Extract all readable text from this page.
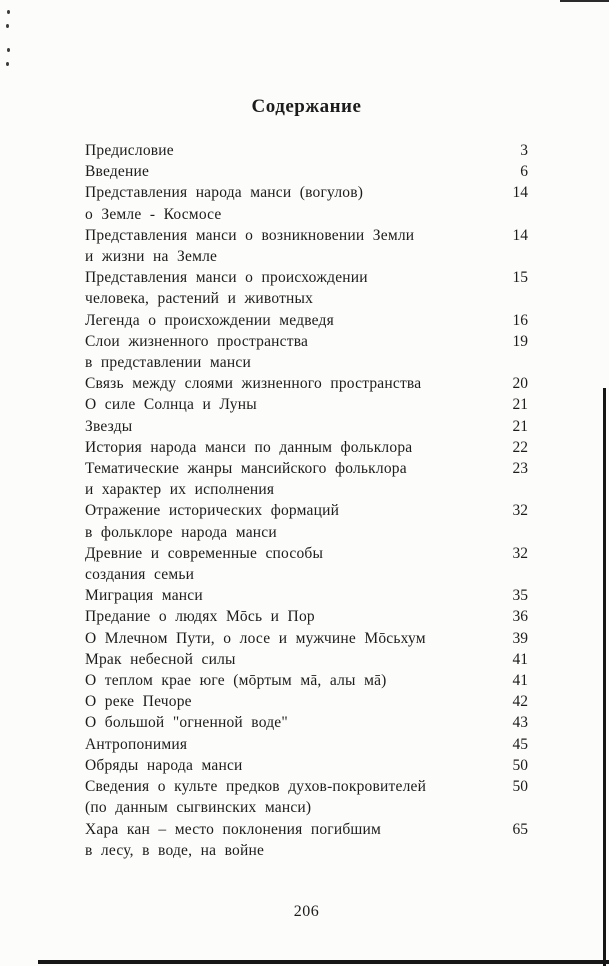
Содержание
Предисловие	3
Введение	6
Представления народа манси (вогулов)	14
о Земле - Космосе
Представления манси о возникновении Земли	14
и жизни на Земле
Представления манси о происхождении	15
человека, растений и животных
Легенда о происхождении медведя	16
Слои жизненного пространства	19
в представлении манси
Связь между слоями жизненного пространства	20
О силе Солнца и Луны	21
Звезды	21
История народа манси по данным фольклора	22
Тематические жанры мансийского фольклора	23
и характер их исполнения
Отражение исторических формаций	32
в фольклоре народа манси
Древние и современные способы	32
создания семьи
Миграция манси	35
Предание о людях Мōсь и Пор	36
О Млечном Пути, о лосе и мужчине Мōсьхум	39
Мрак небесной силы	41
О теплом крае юге (мōртым мā, алы мā)	41
О реке Печоре	42
О большой "огненной воде"	43
Антропонимия	45
Обряды народа манси	50
Сведения о культе предков духов-покровителей	50
(по данным сыгвинских манси)
Хара кан – место поклонения погибшим	65
в лесу, в воде, на войне
206
